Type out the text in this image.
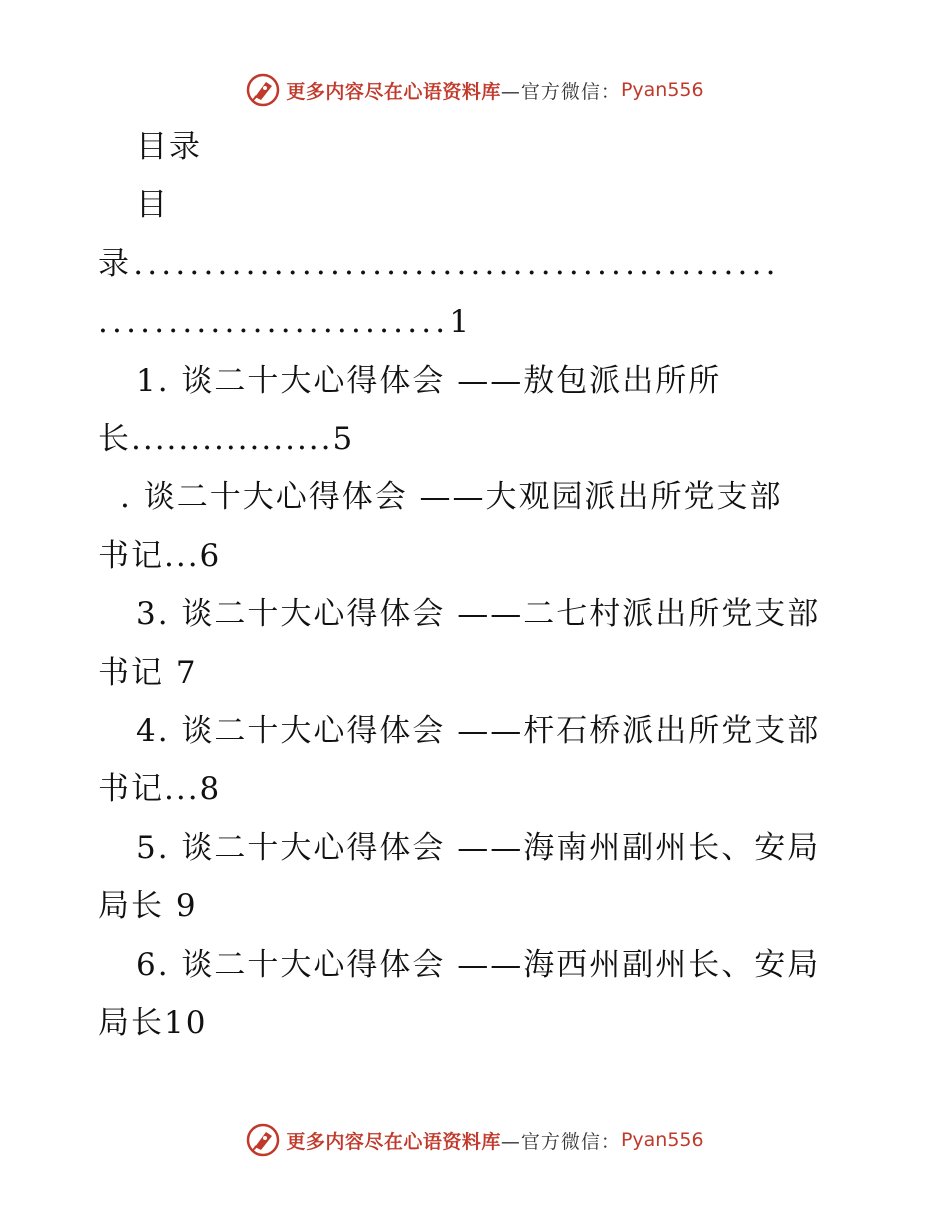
更多内容尽在心语资料库 —官方微信： Pyan556
目录
目
录..............................................
.........................1
1. 谈二十大心得体会 ——敖包派出所所
长.................5
. 谈二十大心得体会 ——大观园派出所党支部
书记...6
3. 谈二十大心得体会 ——二七村派出所党支部
书记 7
4. 谈二十大心得体会 ——杆石桥派出所党支部
书记...8
5. 谈二十大心得体会 ——海南州副州长、安局
局长 9
6. 谈二十大心得体会 ——海西州副州长、安局
局长10
更多内容尽在心语资料库 —官方微信： Pyan556
